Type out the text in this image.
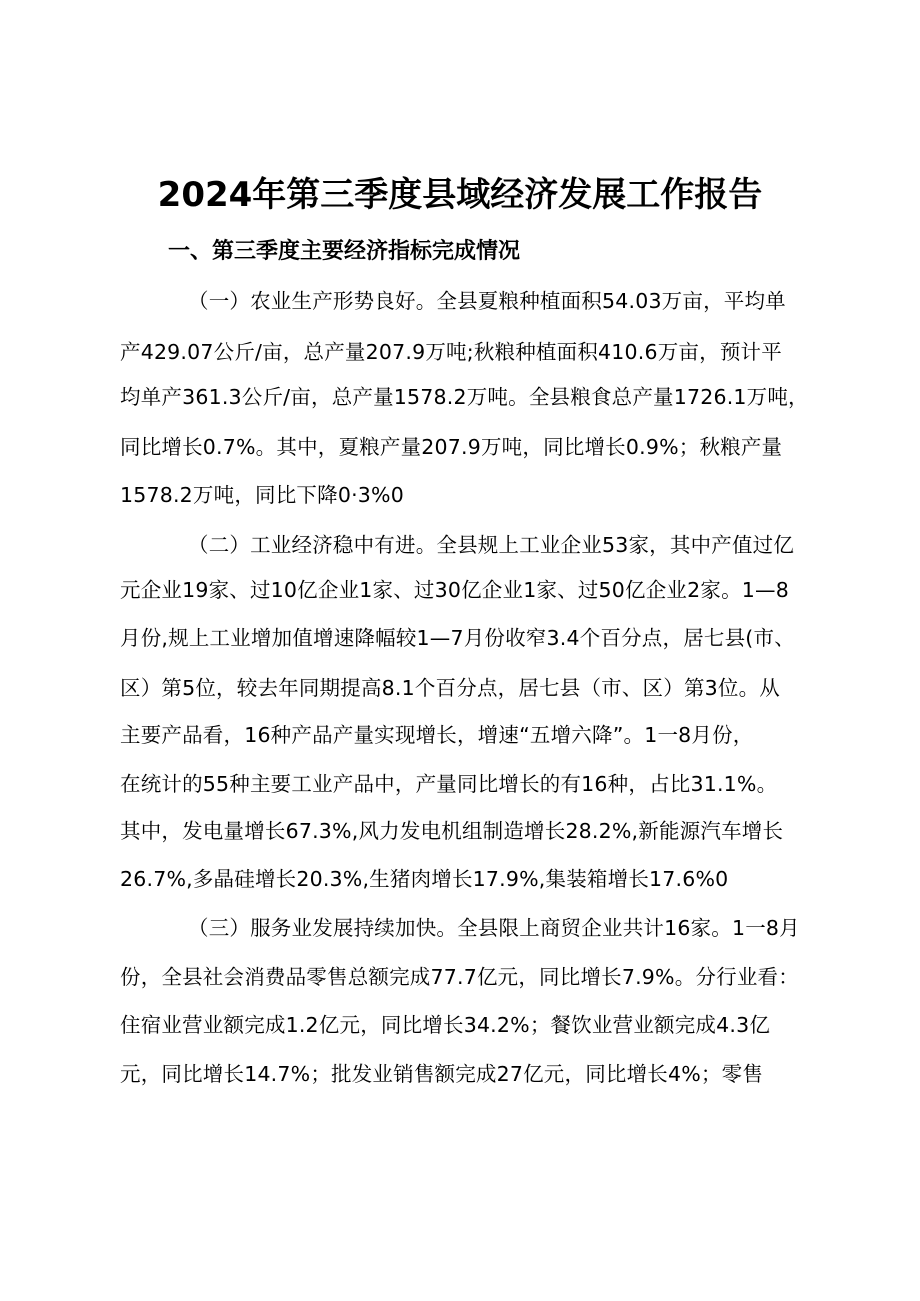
2024年第三季度县域经济发展工作报告
一、第三季度主要经济指标完成情况
（一）农业生产形势良好。全县夏粮种植面积54.03万亩，平均单
产429.07公斤/亩，总产量207.9万吨;秋粮种植面积410.6万亩，预计平
均单产361.3公斤/亩，总产量1578.2万吨。全县粮食总产量1726.1万吨，
同比增长0.7%。其中，夏粮产量207.9万吨，同比增长0.9%；秋粮产量
1578.2万吨，同比下降0·3%0
（二）工业经济稳中有进。全县规上工业企业53家，其中产值过亿
元企业19家、过10亿企业1家、过30亿企业1家、过50亿企业2家。1—8
月份,规上工业增加值增速降幅较1—7月份收窄3.4个百分点，居七县(市、
区）第5位，较去年同期提高8.1个百分点，居七县（市、区）第3位。从
主要产品看，16种产品产量实现增长，增速“五增六降”。1一8月份，
在统计的55种主要工业产品中，产量同比增长的有16种，占比31.1%。
其中，发电量增长67.3%,风力发电机组制造增长28.2%,新能源汽车增长
26.7%,多晶硅增长20.3%,生猪肉增长17.9%,集装箱增长17.6%0
（三）服务业发展持续加快。全县限上商贸企业共计16家。1一8月
份，全县社会消费品零售总额完成77.7亿元，同比增长7.9%。分行业看：
住宿业营业额完成1.2亿元，同比增长34.2%；餐饮业营业额完成4.3亿
元，同比增长14.7%；批发业销售额完成27亿元，同比增长4%；零售
